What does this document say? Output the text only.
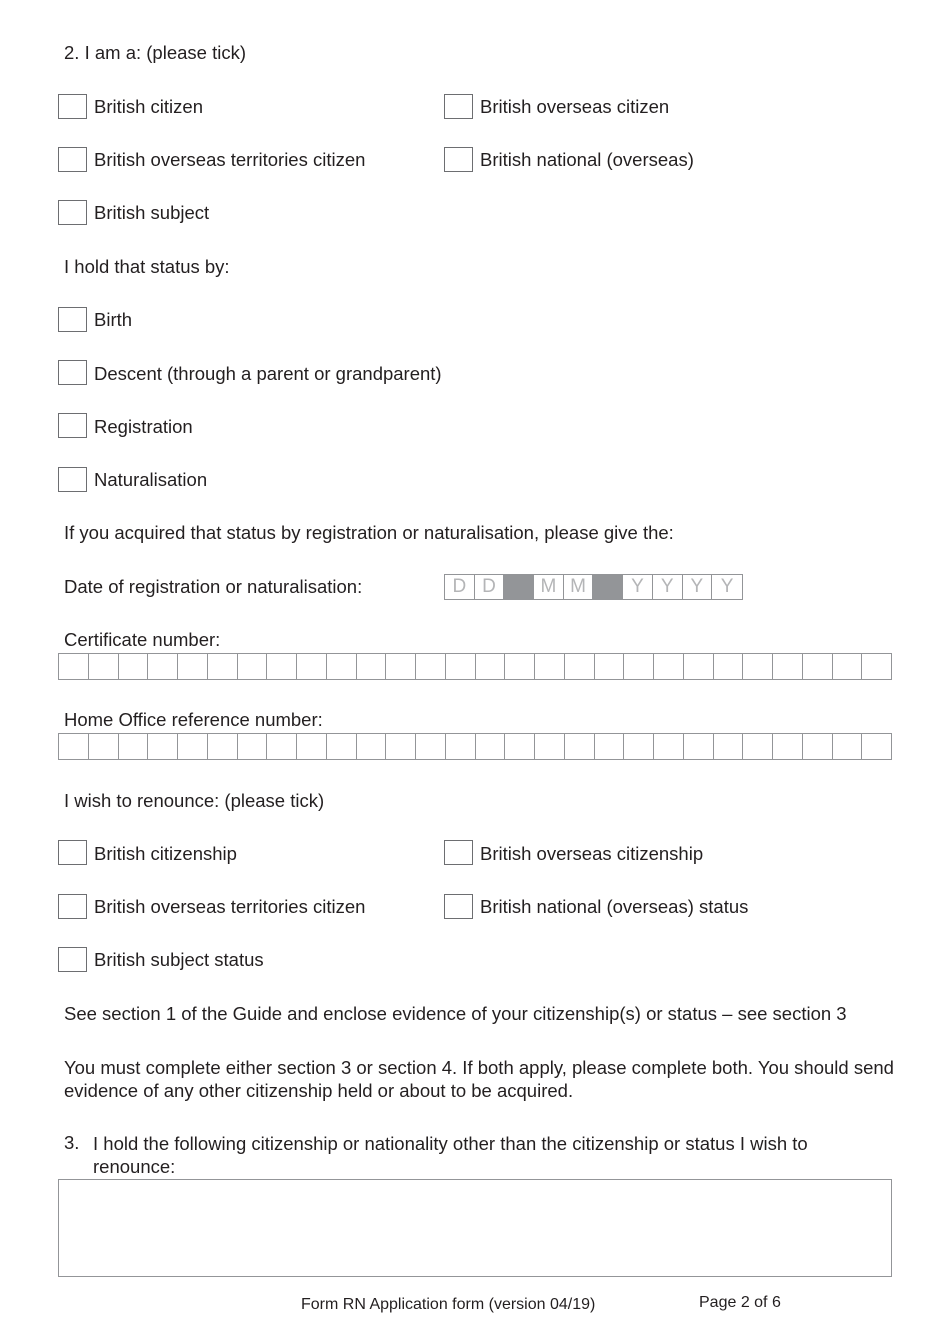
2. I am a: (please tick)
British citizen	British overseas citizen
British overseas territories citizen	British national (overseas)
British subject
I hold that status by:
Birth
Descent (through a parent or grandparent)
Registration
Naturalisation
If you acquired that status by registration or naturalisation, please give the:
Date of registration or naturalisation:	D D	M M	Y Y Y Y
Certificate number:
Home Office reference number:
I wish to renounce: (please tick)
British citizenship	British overseas citizenship
British overseas territories citizen	British national (overseas) status
British subject status
See section 1 of the Guide and enclose evidence of your citizenship(s) or status – see section 3
You must complete either section 3 or section 4. If both apply, please complete both. You should send evidence of any other citizenship held or about to be acquired.
3. I hold the following citizenship or nationality other than the citizenship or status I wish to renounce:
Form RN Application form (version 04/19)	Page 2 of 6
